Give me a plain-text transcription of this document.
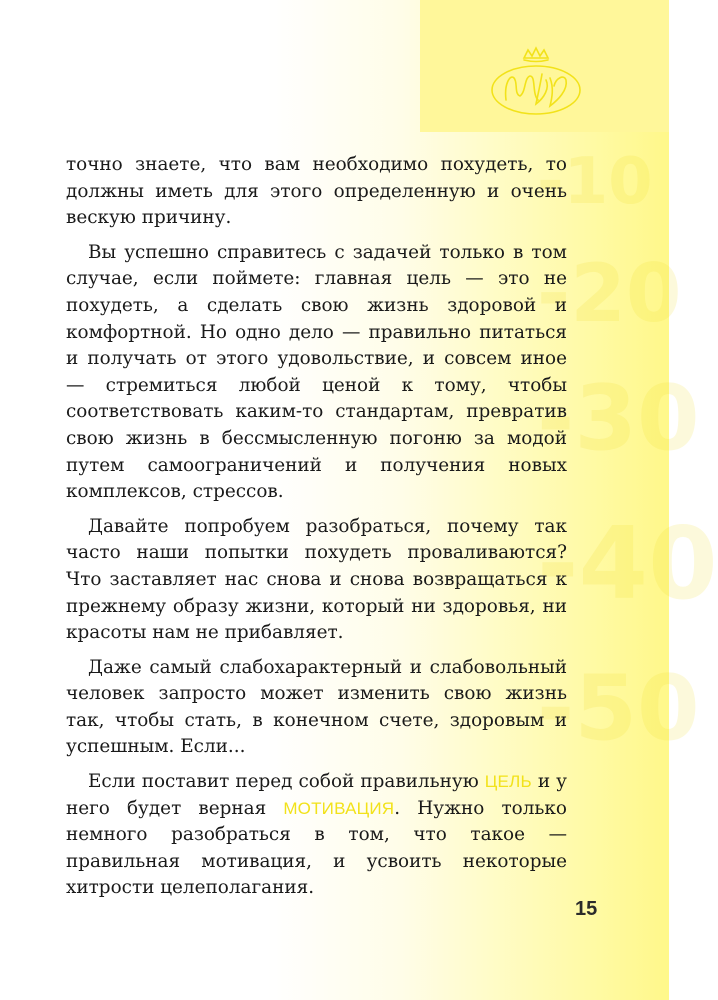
-10
-20
-30
-40
-50

точно знаете, что вам необходимо похудеть, то должны иметь для этого определенную и очень вескую причину.

Вы успешно справитесь с задачей только в том случае, если поймете: главная цель — это не похудеть, а сделать свою жизнь здоровой и комфортной. Но одно дело — правильно питаться и получать от этого удовольствие, и совсем иное — стремиться любой ценой к тому, чтобы соответствовать каким-то стандартам, превратив свою жизнь в бессмысленную погоню за модой путем самоограничений и получения новых комплексов, стрессов.

Давайте попробуем разобраться, почему так часто наши попытки похудеть проваливаются? Что заставляет нас снова и снова возвращаться к прежнему образу жизни, который ни здоровья, ни красоты нам не прибавляет.

Даже самый слабохарактерный и слабовольный человек запросто может изменить свою жизнь так, чтобы стать, в конечном счете, здоровым и успешным. Если...

Если поставит перед собой правильную ЦЕЛЬ и у него будет верная МОТИВАЦИЯ. Нужно только немного разобраться в том, что такое — правильная мотивация, и усвоить некоторые хитрости целеполагания.

15
